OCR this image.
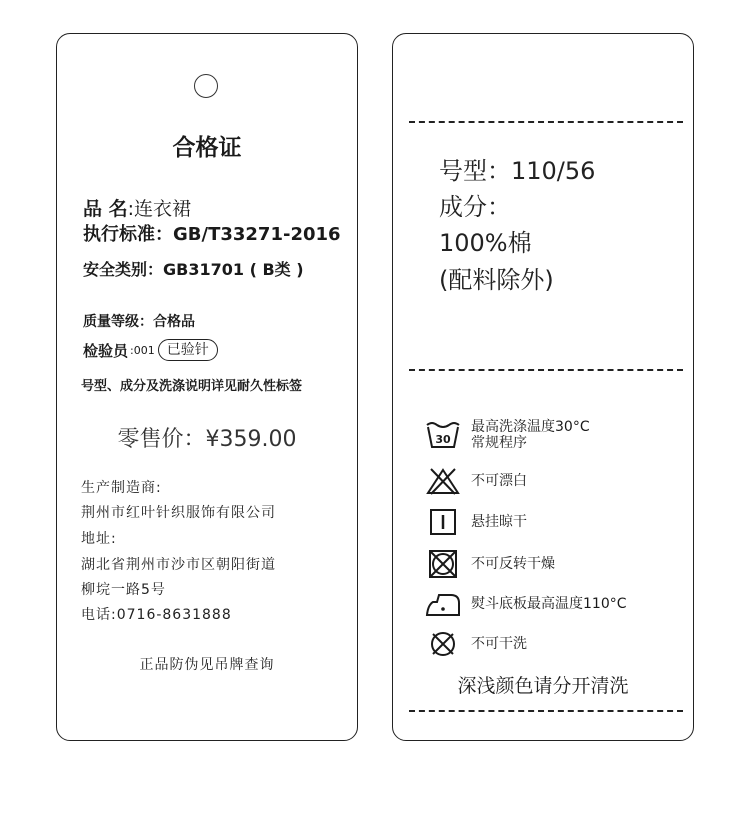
合格证
品 名:连衣裙
执行标准：GB/T33271-2016
安全类别：GB31701 ( B类 )
质量等级：合格品
检验员 :001 已验针
号型、成分及洗涤说明详见耐久性标签
零售价：¥359.00
生产制造商:
荆州市红叶针织服饰有限公司
地址:
湖北省荆州市沙市区朝阳街道
柳垸一路5号
电话:0716-8631888
正品防伪见吊牌查询
号型：110/56
成分：
100%棉
(配料除外)
30
最高洗涤温度30°C
常规程序
不可漂白
悬挂晾干
不可反转干燥
熨斗底板最高温度110°C
不可干洗
深浅颜色请分开清洗
